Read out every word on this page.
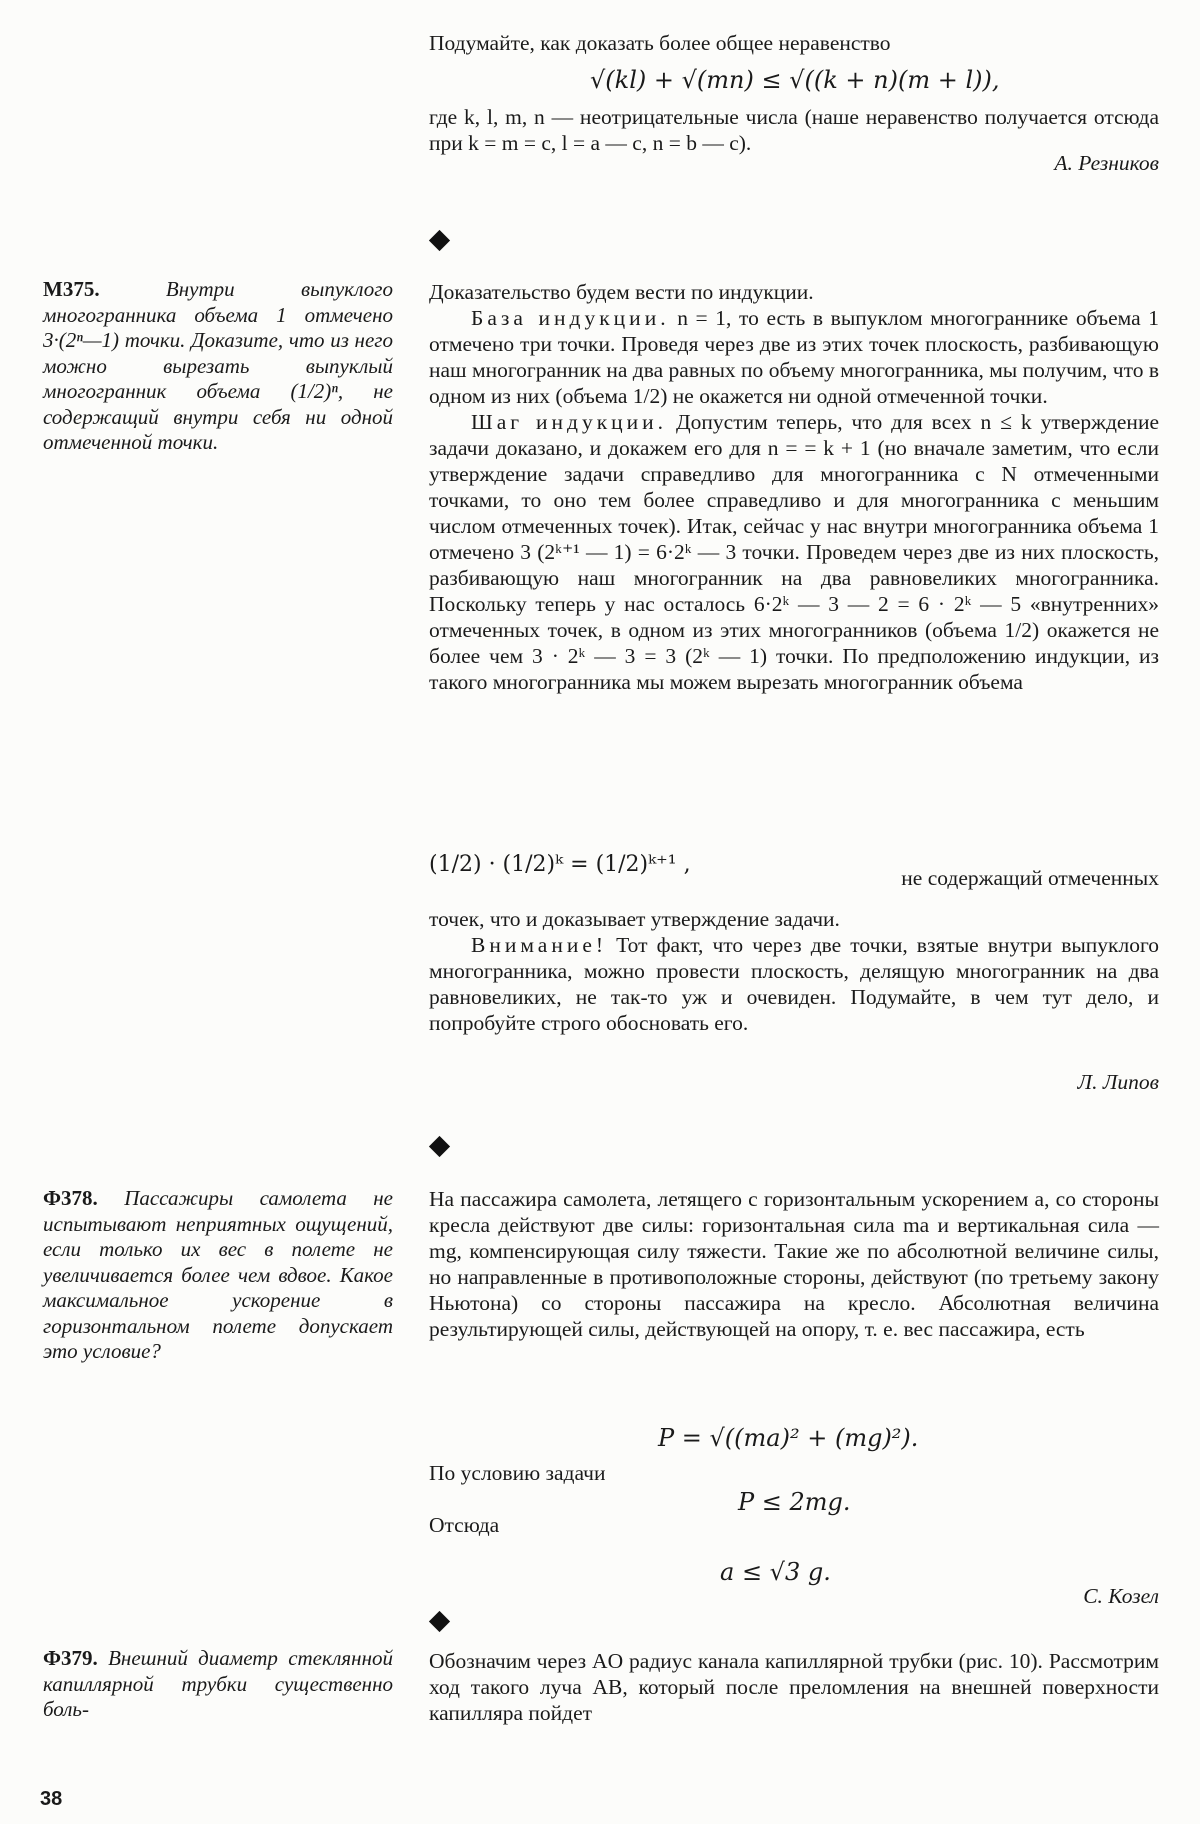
Подумайте, как доказать более общее неравенство

√(kl) + √(mn) ≤ √((k + n)(m + l)),

где k, l, m, n — неотрицательные числа (наше неравенство получается отсюда при k = m = c, l = a — c, n = b — c).

А. Резников
М375.	Внутри выпуклого многогранника объема 1 отмечено 3·(2ⁿ—1) точки. Доказите, что из него можно вырезать выпуклый многогранник объема (1/2)ⁿ, не содержащий внутри себя ни одной отмеченной точки.

Доказательство будем вести по индукции.

База индукции. n = 1, то есть в выпуклом многограннике объема 1 отмечено три точки. Проведя через две из этих точек плоскость, разбивающую наш многогранник на два равных по объему многогранника, мы получим, что в одном из них (объема 1/2) не окажется ни одной отмеченной точки.

Шаг индукции. Допустим теперь, что для всех n ≤ k утверждение задачи доказано, и докажем его для n = = k + 1 (но вначале заметим, что если утверждение задачи справедливо для многогранника с N отмеченными точками, то оно тем более справедливо и для многогранника с меньшим числом отмеченных точек). Итак, сейчас у нас внутри многогранника объема 1 отмечено 3 (2ᵏ⁺¹ — 1) = 6·2ᵏ — 3 точки. Проведем через две из них плоскость, разбивающую наш многогранник на два равновеликих многогранника. Поскольку теперь у нас осталось 6·2ᵏ — 3 — 2 = 6 · 2ᵏ — 5 «внутренних» отмеченных точек, в одном из этих многогранников (объема 1/2) окажется не более чем 3 · 2ᵏ — 3 = 3 (2ᵏ — 1) точки. По предположению индукции, из такого многогранника мы можем вырезать многогранник объема

(1/2) · (1/2)ᵏ = (1/2)ᵏ⁺¹ ,
не содержащий отмеченных

точек, что и доказывает утверждение задачи.

Внимание! Тот факт, что через две точки, взятые внутри выпуклого многогранника, можно провести плоскость, делящую многогранник на два равновеликих, не так-то уж и очевиден. Подумайте, в чем тут дело, и попробуйте строго обосновать его.

Л. Липов
Ф378. Пассажиры самолета не испытывают неприятных ощущений, если только их вес в полете не увеличивается более чем вдвое. Какое максимальное ускорение в горизонтальном полете допускает это условие?

На пассажира самолета, летящего с горизонтальным ускорением a, со стороны кресла действуют две силы: горизонтальная сила ma и вертикальная сила —mg, компенсирующая силу тяжести. Такие же по абсолютной величине силы, но направленные в противоположные стороны, действуют (по третьему закону Ньютона) со стороны пассажира на кресло. Абсолютная величина результирующей силы, действующей на опору, т. е. вес пассажира, есть

P = √((ma)² + (mg)²).

По условию задачи

P ≤ 2mg.

Отсюда

a ≤ √3 g.
С. Козел
Ф379. Внешний диаметр стеклянной капиллярной трубки существенно боль-

Обозначим через AO радиус канала капиллярной трубки (рис. 10). Рассмотрим ход такого луча AB, который после преломления на внешней поверхности капилляра пойдет

38
